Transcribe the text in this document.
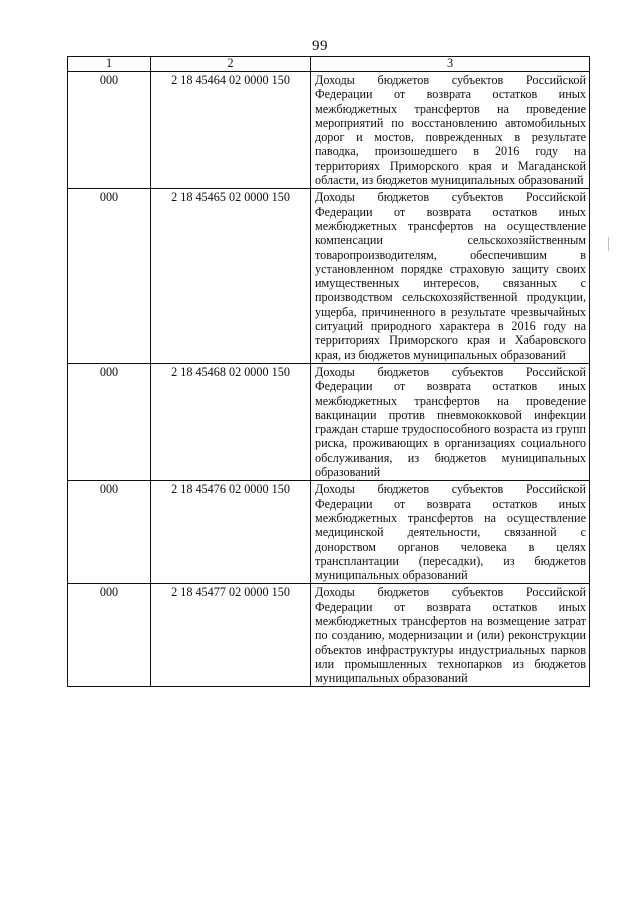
99
1	2	3
000	2 18 45464 02 0000 150	Доходы бюджетов субъектов Российской Федерации от возврата остатков иных межбюджетных трансфертов на проведение мероприятий по восстановлению автомобильных дорог и мостов, поврежденных в результате паводка, произошедшего в 2016 году на территориях Приморского края и Магаданской области, из бюджетов муниципальных образований
000	2 18 45465 02 0000 150	Доходы бюджетов субъектов Российской Федерации от возврата остатков иных межбюджетных трансфертов на осуществление компенсации сельскохозяйственным товаропроизводителям, обеспечившим в установленном порядке страховую защиту своих имущественных интересов, связанных с производством сельскохозяйственной продукции, ущерба, причиненного в результате чрезвычайных ситуаций природного характера в 2016 году на территориях Приморского края и Хабаровского края, из бюджетов муниципальных образований
000	2 18 45468 02 0000 150	Доходы бюджетов субъектов Российской Федерации от возврата остатков иных межбюджетных трансфертов на проведение вакцинации против пневмококковой инфекции граждан старше трудоспособного возраста из групп риска, проживающих в организациях социального обслуживания, из бюджетов муниципальных образований
000	2 18 45476 02 0000 150	Доходы бюджетов субъектов Российской Федерации от возврата остатков иных межбюджетных трансфертов на осуществление медицинской деятельности, связанной с донорством органов человека в целях трансплантации (пересадки), из бюджетов муниципальных образований
000	2 18 45477 02 0000 150	Доходы бюджетов субъектов Российской Федерации от возврата остатков иных межбюджетных трансфертов на возмещение затрат по созданию, модернизации и (или) реконструкции объектов инфраструктуры индустриальных парков или промышленных технопарков из бюджетов муниципальных образований
